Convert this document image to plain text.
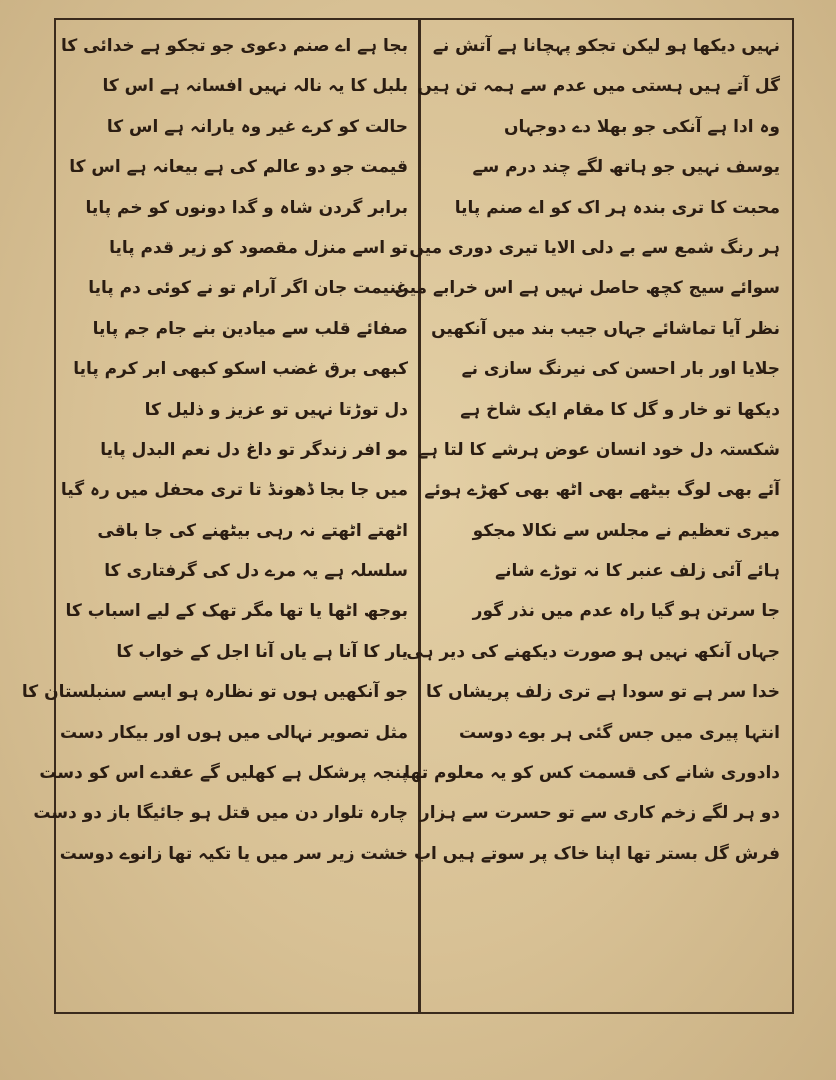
نہیں دیکھا ہو لیکن تجکو پہچانا ہے آتش نے
گل آتے ہیں ہستی میں عدم سے ہمہ تن ہیں
وہ ادا ہے آنکی جو بھلا دے دوجہاں
یوسف نہیں جو ہاتھ لگے چند درم سے
محبت کا تری بندہ ہر اک کو اے صنم پایا
ہر رنگ شمع سے بے دلی الایا تیری دوری میں
سوائے سیج کچھ حاصل نہیں ہے اس خرابے میں
نظر آیا تماشائے جہاں جیب بند میں آنکھیں
جلایا اور بار احسن کی نیرنگ سازی نے
دیکھا تو خار و گل کا مقام ایک شاخ ہے
شکستہ دل خود انسان عوض ہرشے کا لتا ہے
آئے بھی لوگ بیٹھے بھی اٹھ بھی کھڑے ہوئے
میری تعظیم نے مجلس سے نکالا مجکو
ہائے آئی زلف عنبر کا نہ توڑے شانے
جا سرتن ہو گیا راہ عدم میں نذر گور
جہاں آنکھ نہیں ہو صورت دیکھنے کی دیر ہی
خدا سر ہے تو سودا ہے تری زلف پریشاں کا
انتہا پیری میں جس گئی ہر بوے دوست
دادوری شانے کی قسمت کس کو یہ معلوم تھا
دو ہر لگے زخم کاری سے تو حسرت سے ہزار
فرش گل بستر تھا اپنا خاک پر سوتے ہیں اب
بجا ہے اے صنم دعوی جو تجکو ہے خدائی کا
بلبل کا یہ نالہ نہیں افسانہ ہے اس کا
حالت کو کرے غیر وہ یارانہ ہے اس کا
قیمت جو دو عالم کی ہے بیعانہ ہے اس کا
برابر گردن شاہ و گدا دونوں کو خم پایا
تو اسے منزل مقصود کو زیر قدم پایا
غنیمت جان اگر آرام تو نے کوئی دم پایا
صفائے قلب سے میادین بنے جام جم پایا
کبھی برق غضب اسکو کبھی ابر کرم پایا
دل توڑتا نہیں تو عزیز و ذلیل کا
مو افر زندگر تو داغ دل نعم البدل پایا
میں جا بجا ڈھونڈ تا تری محفل میں رہ گیا
اٹھتے اٹھتے نہ رہی بیٹھنے کی جا باقی
سلسلہ ہے یہ مرے دل کی گرفتاری کا
بوجھ اٹھا یا تھا مگر تھک کے لیے اسباب کا
یار کا آنا ہے یاں آنا اجل کے خواب کا
جو آنکھیں ہوں تو نظارہ ہو ایسے سنبلستان کا
مثل تصویر نہالی میں ہوں اور بیکار دست
پنجہ پرشکل ہے کھلیں گے عقدے اس کو دست
چارہ تلوار دن میں قتل ہو جائیگا باز دو دست
خشت زیر سر میں یا تکیہ تھا زانوے دوست
